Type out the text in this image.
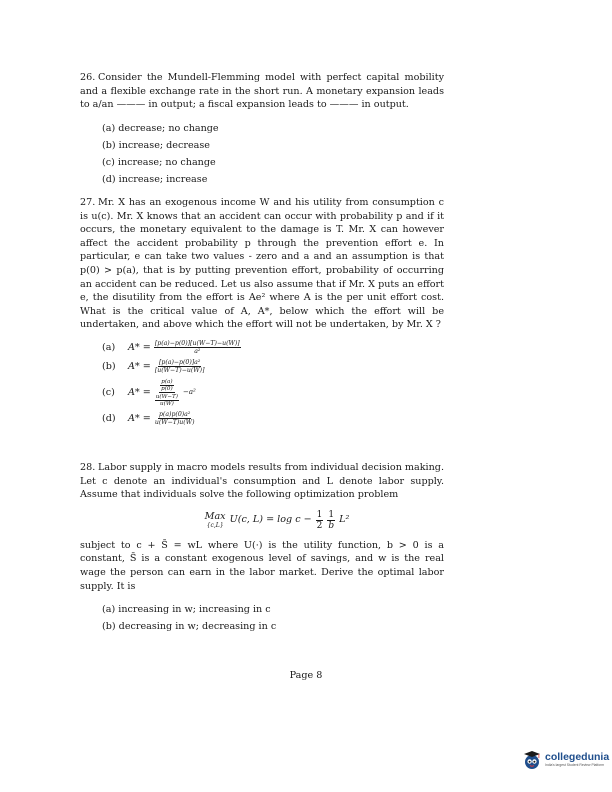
26. Consider the Mundell-Flemming model with perfect capital mobility and a flexible exchange rate in the short run. A monetary expansion leads to a/an ——— in output; a fiscal expansion leads to ——— in output.

(a) decrease; no change
(b) increase; decrease
(c) increase; no change
(d) increase; increase

27. Mr. X has an exogenous income W and his utility from consumption c is u(c). Mr. X knows that an accident can occur with probability p and if it occurs, the monetary equivalent to the damage is T. Mr. X can however affect the accident probability p through the prevention effort e. In particular, e can take two values - zero and a and an assumption is that p(0) > p(a), that is by putting prevention effort, probability of occurring an accident can be reduced. Let us also assume that if Mr. X puts an effort e, the disutility from the effort is Ae² where A is the per unit effort cost. What is the critical value of A, A*, below which the effort will be undertaken, and above which the effort will not be undertaken, by Mr. X ?

(a)	$A* = \frac{[p(a)-p(0)][u(W-T)-u(W)]}{\text{a²}}$
(b)	$A* = \frac{\text{[p(a)−p(0)]a²}}{[u(W-T)-u(W)]}$
(c)	$A* = \frac{\frac{p(a)}{p(0)}}{\frac{u(W-T)}{u(W)}} -a^2$
(d)	$A* = \frac{\text{p(a)p(0)a²}}{u(W-T)u(W)}$

28. Labor supply in macro models results from individual decision making. Let c denote an individual's consumption and L denote labor supply. Assume that individuals solve the following optimization problem

Max
{c,L} U(c, $L) = \log c - \frac{1}{2} 1$
b
L²

subject to c + S̄ = wL where U(·) is the utility function, b > 0 is a constant, S̄ is a constant exogenous level of savings, and w is the real wage the person can earn in the labor market. Derive the optimal labor supply. It is

(a) increasing in w; increasing in c
(b) decreasing in w; decreasing in c
Page 8
collegedunia
India's largest Student Review Platform
